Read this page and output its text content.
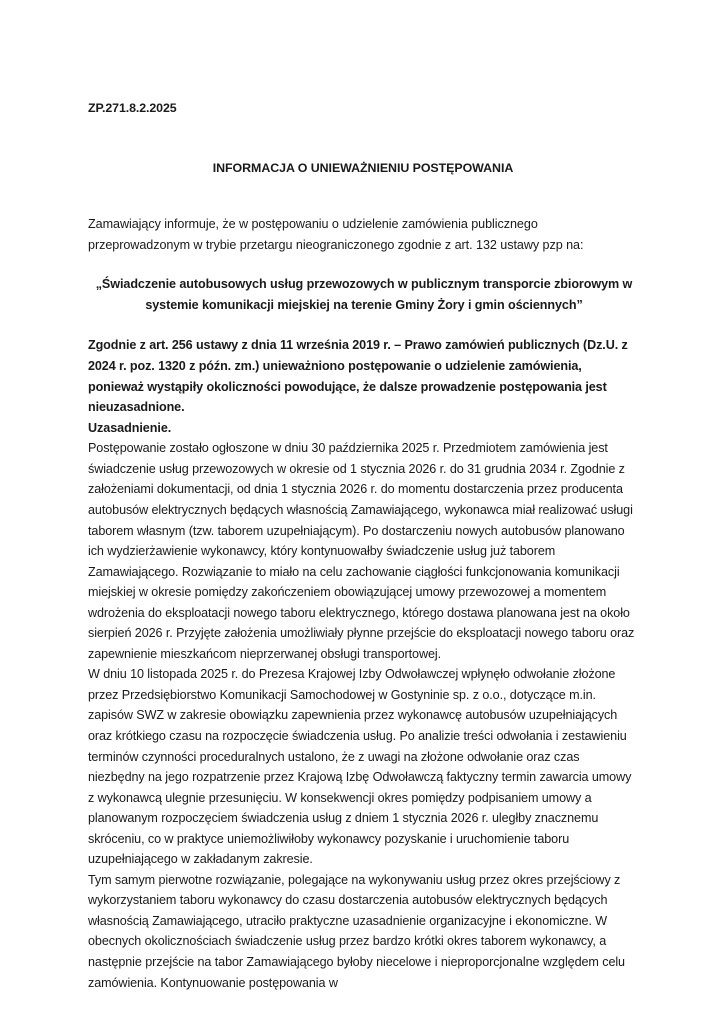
ZP.271.8.2.2025

INFORMACJA O UNIEWAŻNIENIU POSTĘPOWANIA

Zamawiający informuje, że w postępowaniu o udzielenie zamówienia publicznego przeprowadzonym w trybie przetargu nieograniczonego zgodnie z art. 132 ustawy pzp na:

„Świadczenie autobusowych usług przewozowych w publicznym transporcie zbiorowym w systemie komunikacji miejskiej na terenie Gminy Żory i gmin ościennych”

Zgodnie z art. 256 ustawy z dnia 11 września 2019 r. – Prawo zamówień publicznych (Dz.U. z 2024 r. poz. 1320 z późn. zm.) unieważniono postępowanie o udzielenie zamówienia, ponieważ wystąpiły okoliczności powodujące, że dalsze prowadzenie postępowania jest nieuzasadnione.

Uzasadnienie.

Postępowanie zostało ogłoszone w dniu 30 października 2025 r. Przedmiotem zamówienia jest świadczenie usług przewozowych w okresie od 1 stycznia 2026 r. do 31 grudnia 2034 r. Zgodnie z założeniami dokumentacji, od dnia 1 stycznia 2026 r. do momentu dostarczenia przez producenta autobusów elektrycznych będących własnością Zamawiającego, wykonawca miał realizować usługi taborem własnym (tzw. taborem uzupełniającym). Po dostarczeniu nowych autobusów planowano ich wydzierżawienie wykonawcy, który kontynuowałby świadczenie usług już taborem Zamawiającego. Rozwiązanie to miało na celu zachowanie ciągłości funkcjonowania komunikacji miejskiej w okresie pomiędzy zakończeniem obowiązującej umowy przewozowej a momentem wdrożenia do eksploatacji nowego taboru elektrycznego, którego dostawa planowana jest na około sierpień 2026 r. Przyjęte założenia umożliwiały płynne przejście do eksploatacji nowego taboru oraz zapewnienie mieszkańcom nieprzerwanej obsługi transportowej.

W dniu 10 listopada 2025 r. do Prezesa Krajowej Izby Odwoławczej wpłynęło odwołanie złożone przez Przedsiębiorstwo Komunikacji Samochodowej w Gostyninie sp. z o.o., dotyczące m.in. zapisów SWZ w zakresie obowiązku zapewnienia przez wykonawcę autobusów uzupełniających oraz krótkiego czasu na rozpoczęcie świadczenia usług. Po analizie treści odwołania i zestawieniu terminów czynności proceduralnych ustalono, że z uwagi na złożone odwołanie oraz czas niezbędny na jego rozpatrzenie przez Krajową Izbę Odwoławczą faktyczny termin zawarcia umowy z wykonawcą ulegnie przesunięciu. W konsekwencji okres pomiędzy podpisaniem umowy a planowanym rozpoczęciem świadczenia usług z dniem 1 stycznia 2026 r. uległby znacznemu skróceniu, co w praktyce uniemożliwiłoby wykonawcy pozyskanie i uruchomienie taboru uzupełniającego w zakładanym zakresie.

Tym samym pierwotne rozwiązanie, polegające na wykonywaniu usług przez okres przejściowy z wykorzystaniem taboru wykonawcy do czasu dostarczenia autobusów elektrycznych będących własnością Zamawiającego, utraciło praktyczne uzasadnienie organizacyjne i ekonomiczne. W obecnych okolicznościach świadczenie usług przez bardzo krótki okres taborem wykonawcy, a następnie przejście na tabor Zamawiającego byłoby niecelowe i nieproporcjonalne względem celu zamówienia. Kontynuowanie postępowania w
